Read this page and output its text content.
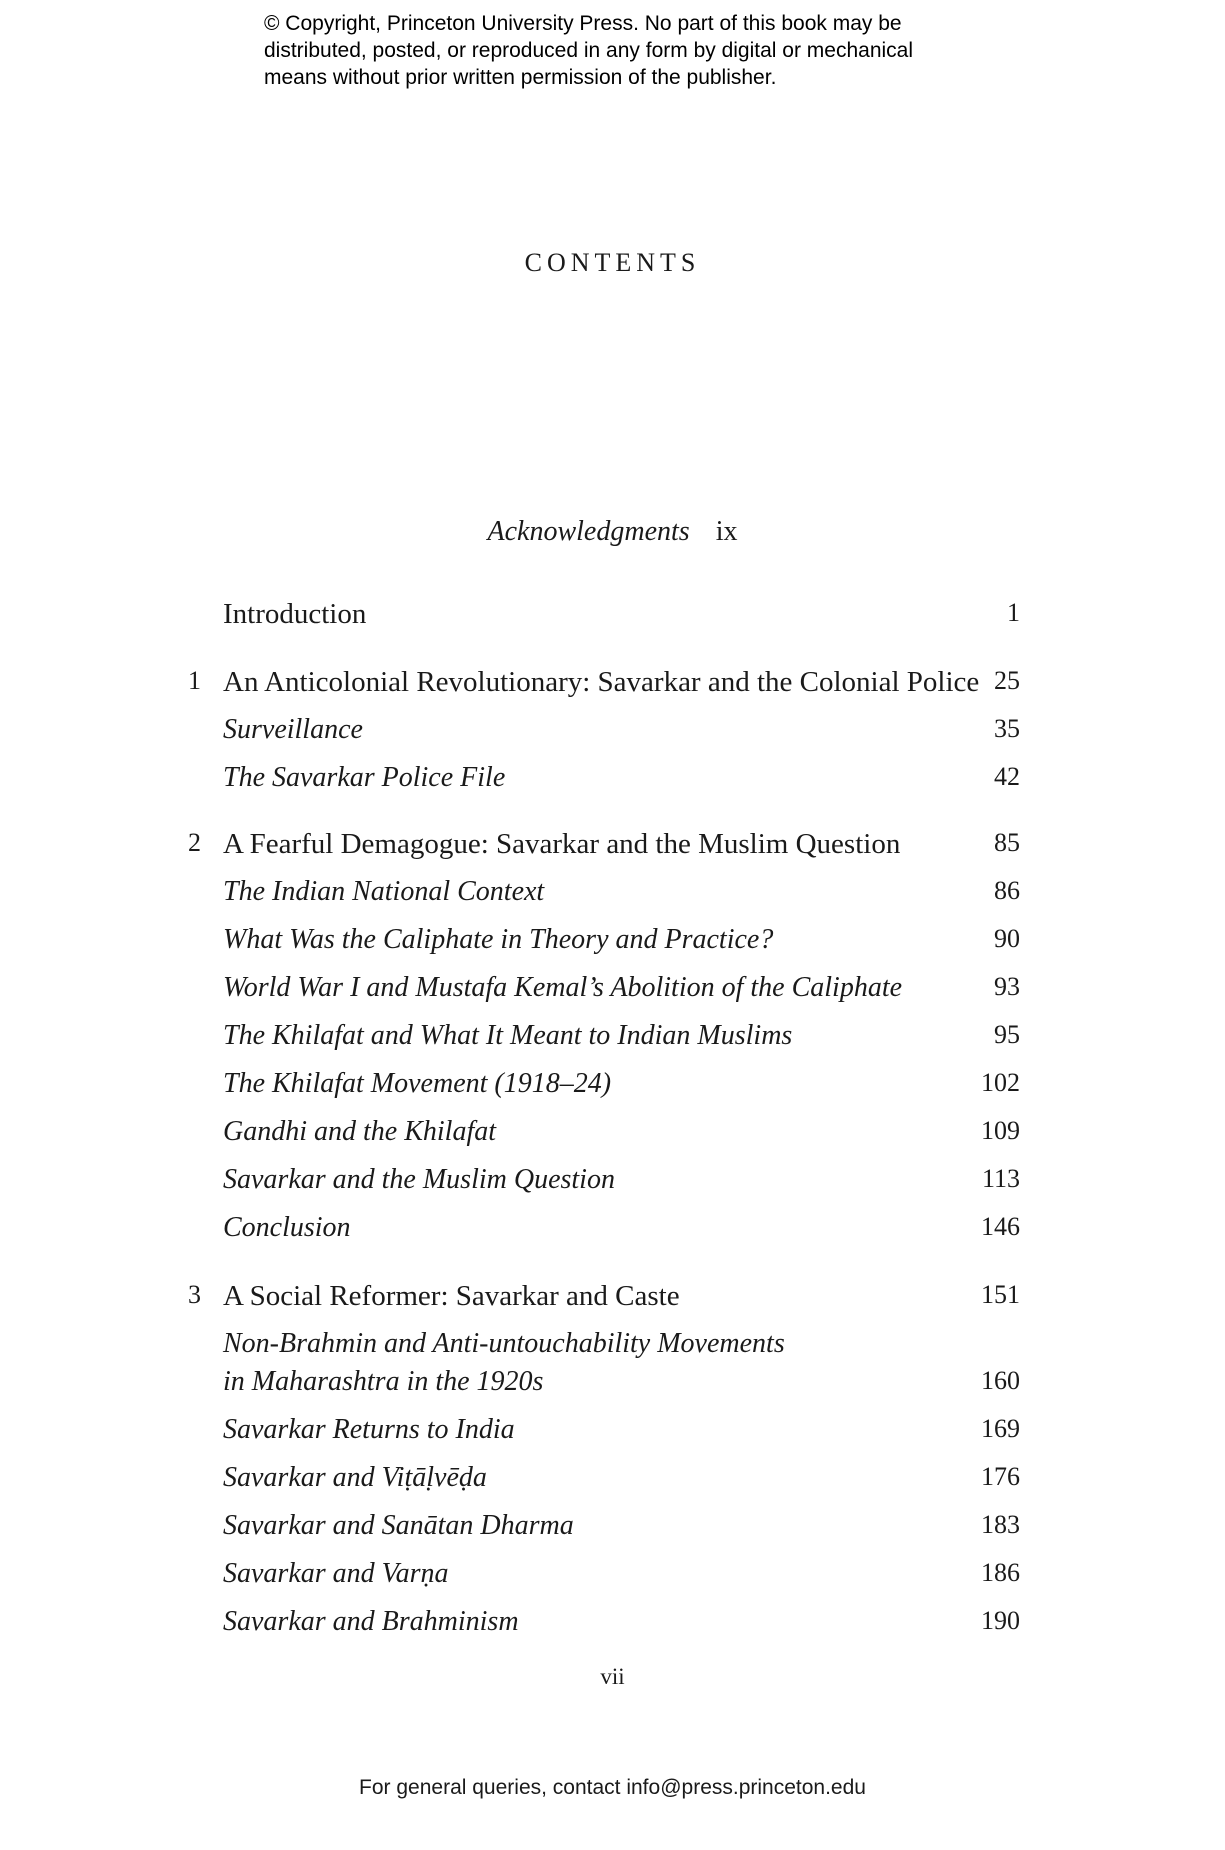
© Copyright, Princeton University Press. No part of this book may be
distributed, posted, or reproduced in any form by digital or mechanical
means without prior written permission of the publisher.
CONTENTS
Acknowledgments ix
Introduction	1
1 An Anticolonial Revolutionary: Savarkar and the Colonial Police 25
Surveillance	35
The Savarkar Police File	42
2 A Fearful Demagogue: Savarkar and the Muslim Question	85
The Indian National Context	86
What Was the Caliphate in Theory and Practice?	90
World War I and Mustafa Kemal’s Abolition of the Caliphate	93
The Khilafat and What It Meant to Indian Muslims	95
The Khilafat Movement (1918–24)	102
Gandhi and the Khilafat	109
Savarkar and the Muslim Question	113
Conclusion	146
3 A Social Reformer: Savarkar and Caste	151
Non-Brahmin and Anti-untouchability Movements
in Maharashtra in the 1920s	160
Savarkar Returns to India	169
Savarkar and Viṭāḷvēḍa	176
Savarkar and Sanātan Dharma	183
Savarkar and Varṇa	186
Savarkar and Brahminism	190
vii
For general queries, contact info@press.princeton.edu
